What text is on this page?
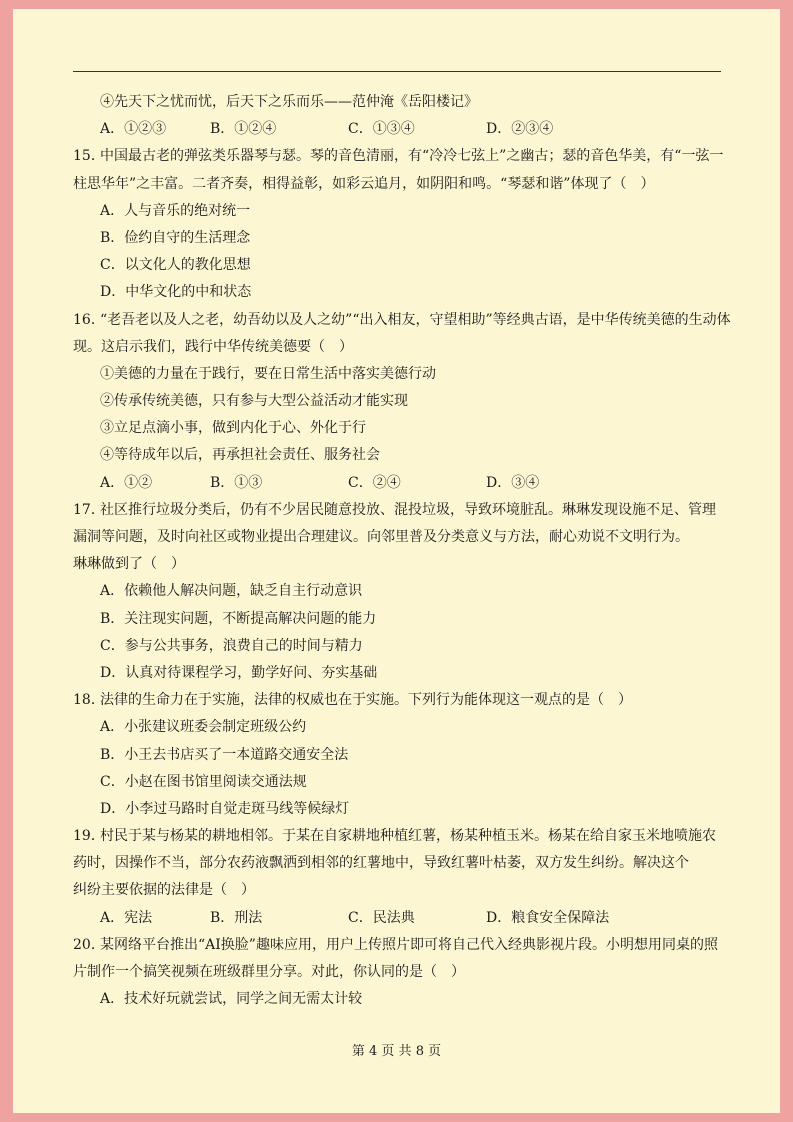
④先天下之忧而忧，后天下之乐而乐——范仲淹《岳阳楼记》
A．①②③	B．①②④	C．①③④	D．②③④
15．中国最古老的弹弦类乐器琴与瑟。琴的音色清丽，有“冷冷七弦上”之幽古；瑟的音色华美，有“一弦一
柱思华年”之丰富。二者齐奏，相得益彰，如彩云追月，如阴阳和鸣。“琴瑟和谐”体现了（　）
A．人与音乐的绝对统一
B．俭约自守的生活理念
C．以文化人的教化思想
D．中华文化的中和状态
16．“老吾老以及人之老，幼吾幼以及人之幼”“出入相友，守望相助”等经典古语，是中华传统美德的生动体
现。这启示我们，践行中华传统美德要（　）
①美德的力量在于践行，要在日常生活中落实美德行动
②传承传统美德，只有参与大型公益活动才能实现
③立足点滴小事，做到内化于心、外化于行
④等待成年以后，再承担社会责任、服务社会
A．①②	B．①③	C．②④	D．③④
17．社区推行垃圾分类后，仍有不少居民随意投放、混投垃圾，导致环境脏乱。琳琳发现设施不足、管理
漏洞等问题，及时向社区或物业提出合理建议。向邻里普及分类意义与方法，耐心劝说不文明行为。
琳琳做到了（　）
A．依赖他人解决问题，缺乏自主行动意识
B．关注现实问题，不断提高解决问题的能力
C．参与公共事务，浪费自己的时间与精力
D．认真对待课程学习，勤学好问、夯实基础
18．法律的生命力在于实施，法律的权威也在于实施。下列行为能体现这一观点的是（　）
A．小张建议班委会制定班级公约
B．小王去书店买了一本道路交通安全法
C．小赵在图书馆里阅读交通法规
D．小李过马路时自觉走斑马线等候绿灯
19．村民于某与杨某的耕地相邻。于某在自家耕地种植红薯，杨某种植玉米。杨某在给自家玉米地喷施农
药时，因操作不当，部分农药液飘洒到相邻的红薯地中，导致红薯叶枯萎，双方发生纠纷。解决这个
纠纷主要依据的法律是（　）
A．宪法	B．刑法	C．民法典	D．粮食安全保障法
20．某网络平台推出“AI换脸”趣味应用，用户上传照片即可将自己代入经典影视片段。小明想用同桌的照
片制作一个搞笑视频在班级群里分享。对此，你认同的是（　）
A．技术好玩就尝试，同学之间无需太计较
第 4 页 共 8 页
